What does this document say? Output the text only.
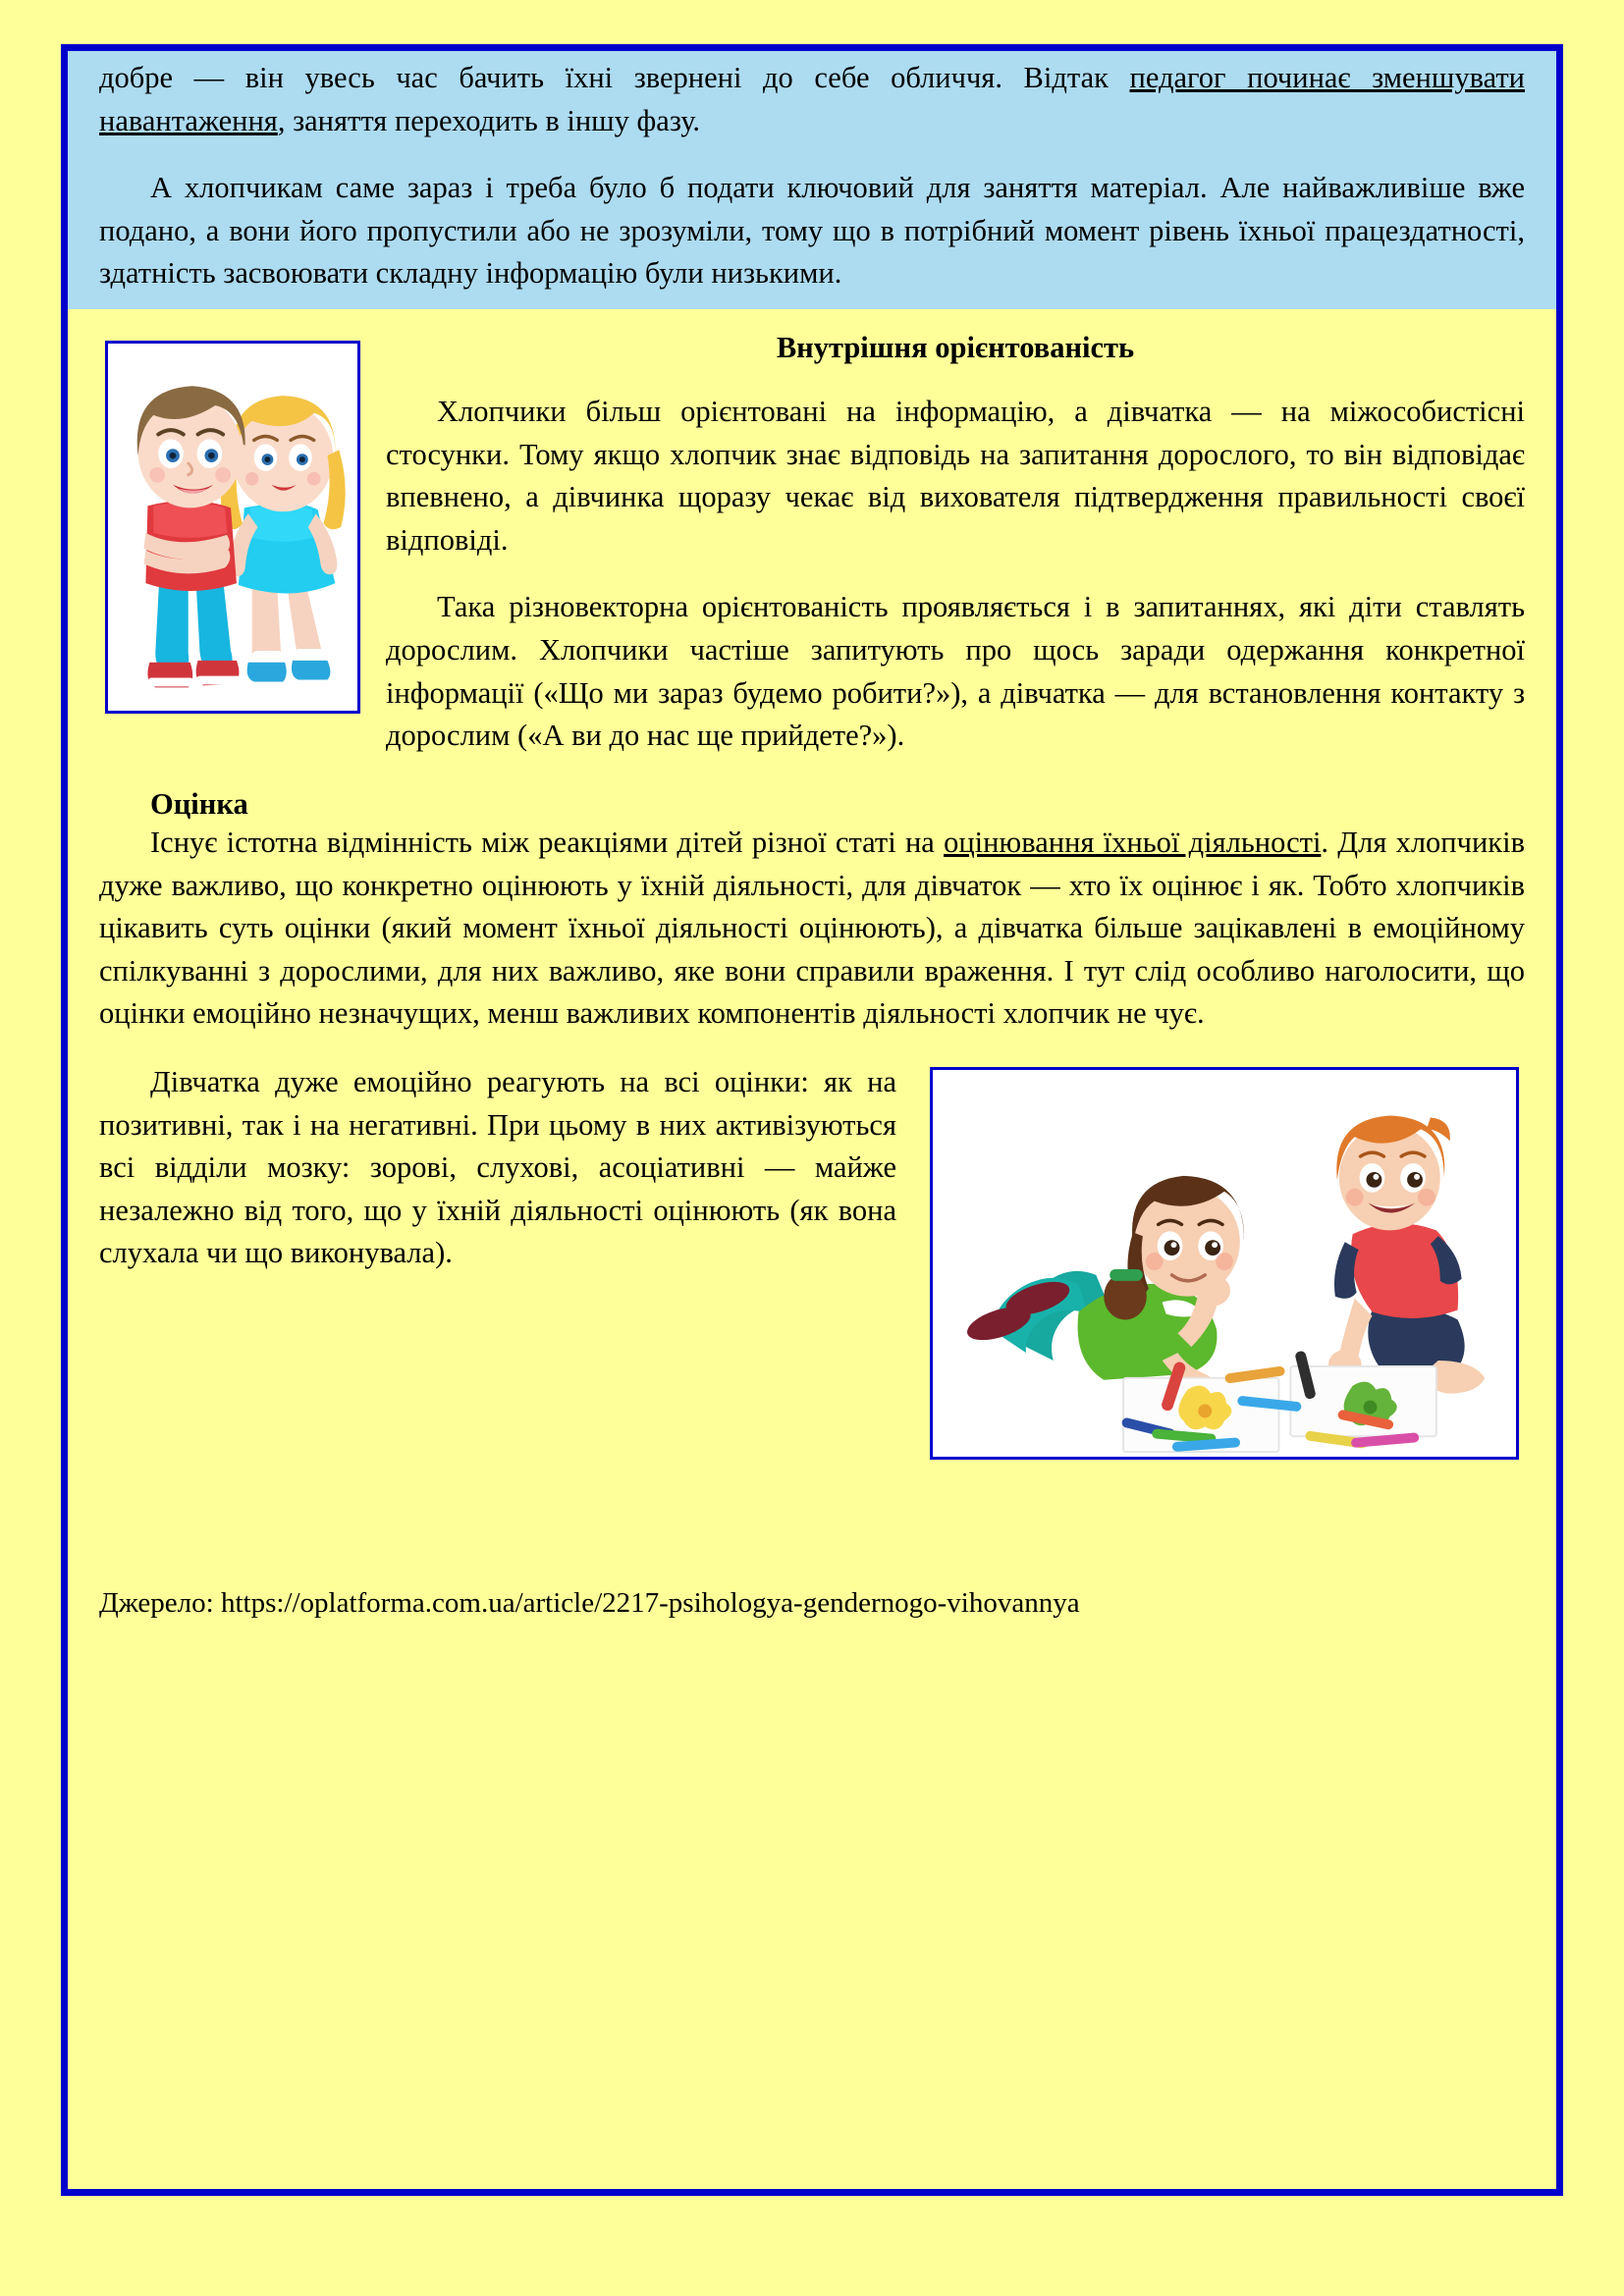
добре — він увесь час бачить їхні звернені до себе обличчя. Відтак педагог починає зменшувати навантаження, заняття переходить в іншу фазу.

А хлопчикам саме зараз і треба було б подати ключовий для заняття матеріал. Але найважливіше вже подано, а вони його пропустили або не зрозуміли, тому що в потрібний момент рівень їхньої працездатності, здатність засвоювати складну інформацію були низькими.

Внутрішня орієнтованість

Хлопчики більш орієнтовані на інформацію, а дівчатка — на міжособистісні стосунки. Тому якщо хлопчик знає відповідь на запитання дорослого, то він відповідає впевнено, а дівчинка щоразу чекає від вихователя підтвердження правильності своєї відповіді.

Така різновекторна орієнтованість проявляється і в запитаннях, які діти ставлять дорослим. Хлопчики частіше запитують про щось заради одержання конкретної інформації («Що ми зараз будемо робити?»), а дівчатка — для встановлення контакту з дорослим («А ви до нас ще прийдете?»).

Оцінка

Існує істотна відмінність між реакціями дітей різної статі на оцінювання їхньої діяльності. Для хлопчиків дуже важливо, що конкретно оцінюють у їхній діяльності, для дівчаток — хто їх оцінює і як. Тобто хлопчиків цікавить суть оцінки (який момент їхньої діяльності оцінюють), а дівчатка більше зацікавлені в емоційному спілкуванні з дорослими, для них важливо, яке вони справили враження. І тут слід особливо наголосити, що оцінки емоційно незначущих, менш важливих компонентів діяльності хлопчик не чує.

Дівчатка дуже емоційно реагують на всі оцінки: як на позитивні, так і на негативні. При цьому в них активізуються всі відділи мозку: зорові, слухові, асоціативні — майже незалежно від того, що у їхній діяльності оцінюють (як вона слухала чи що виконувала).

Джерело: https://oplatforma.com.ua/article/2217-psihologya-gendernogo-vihovannya
